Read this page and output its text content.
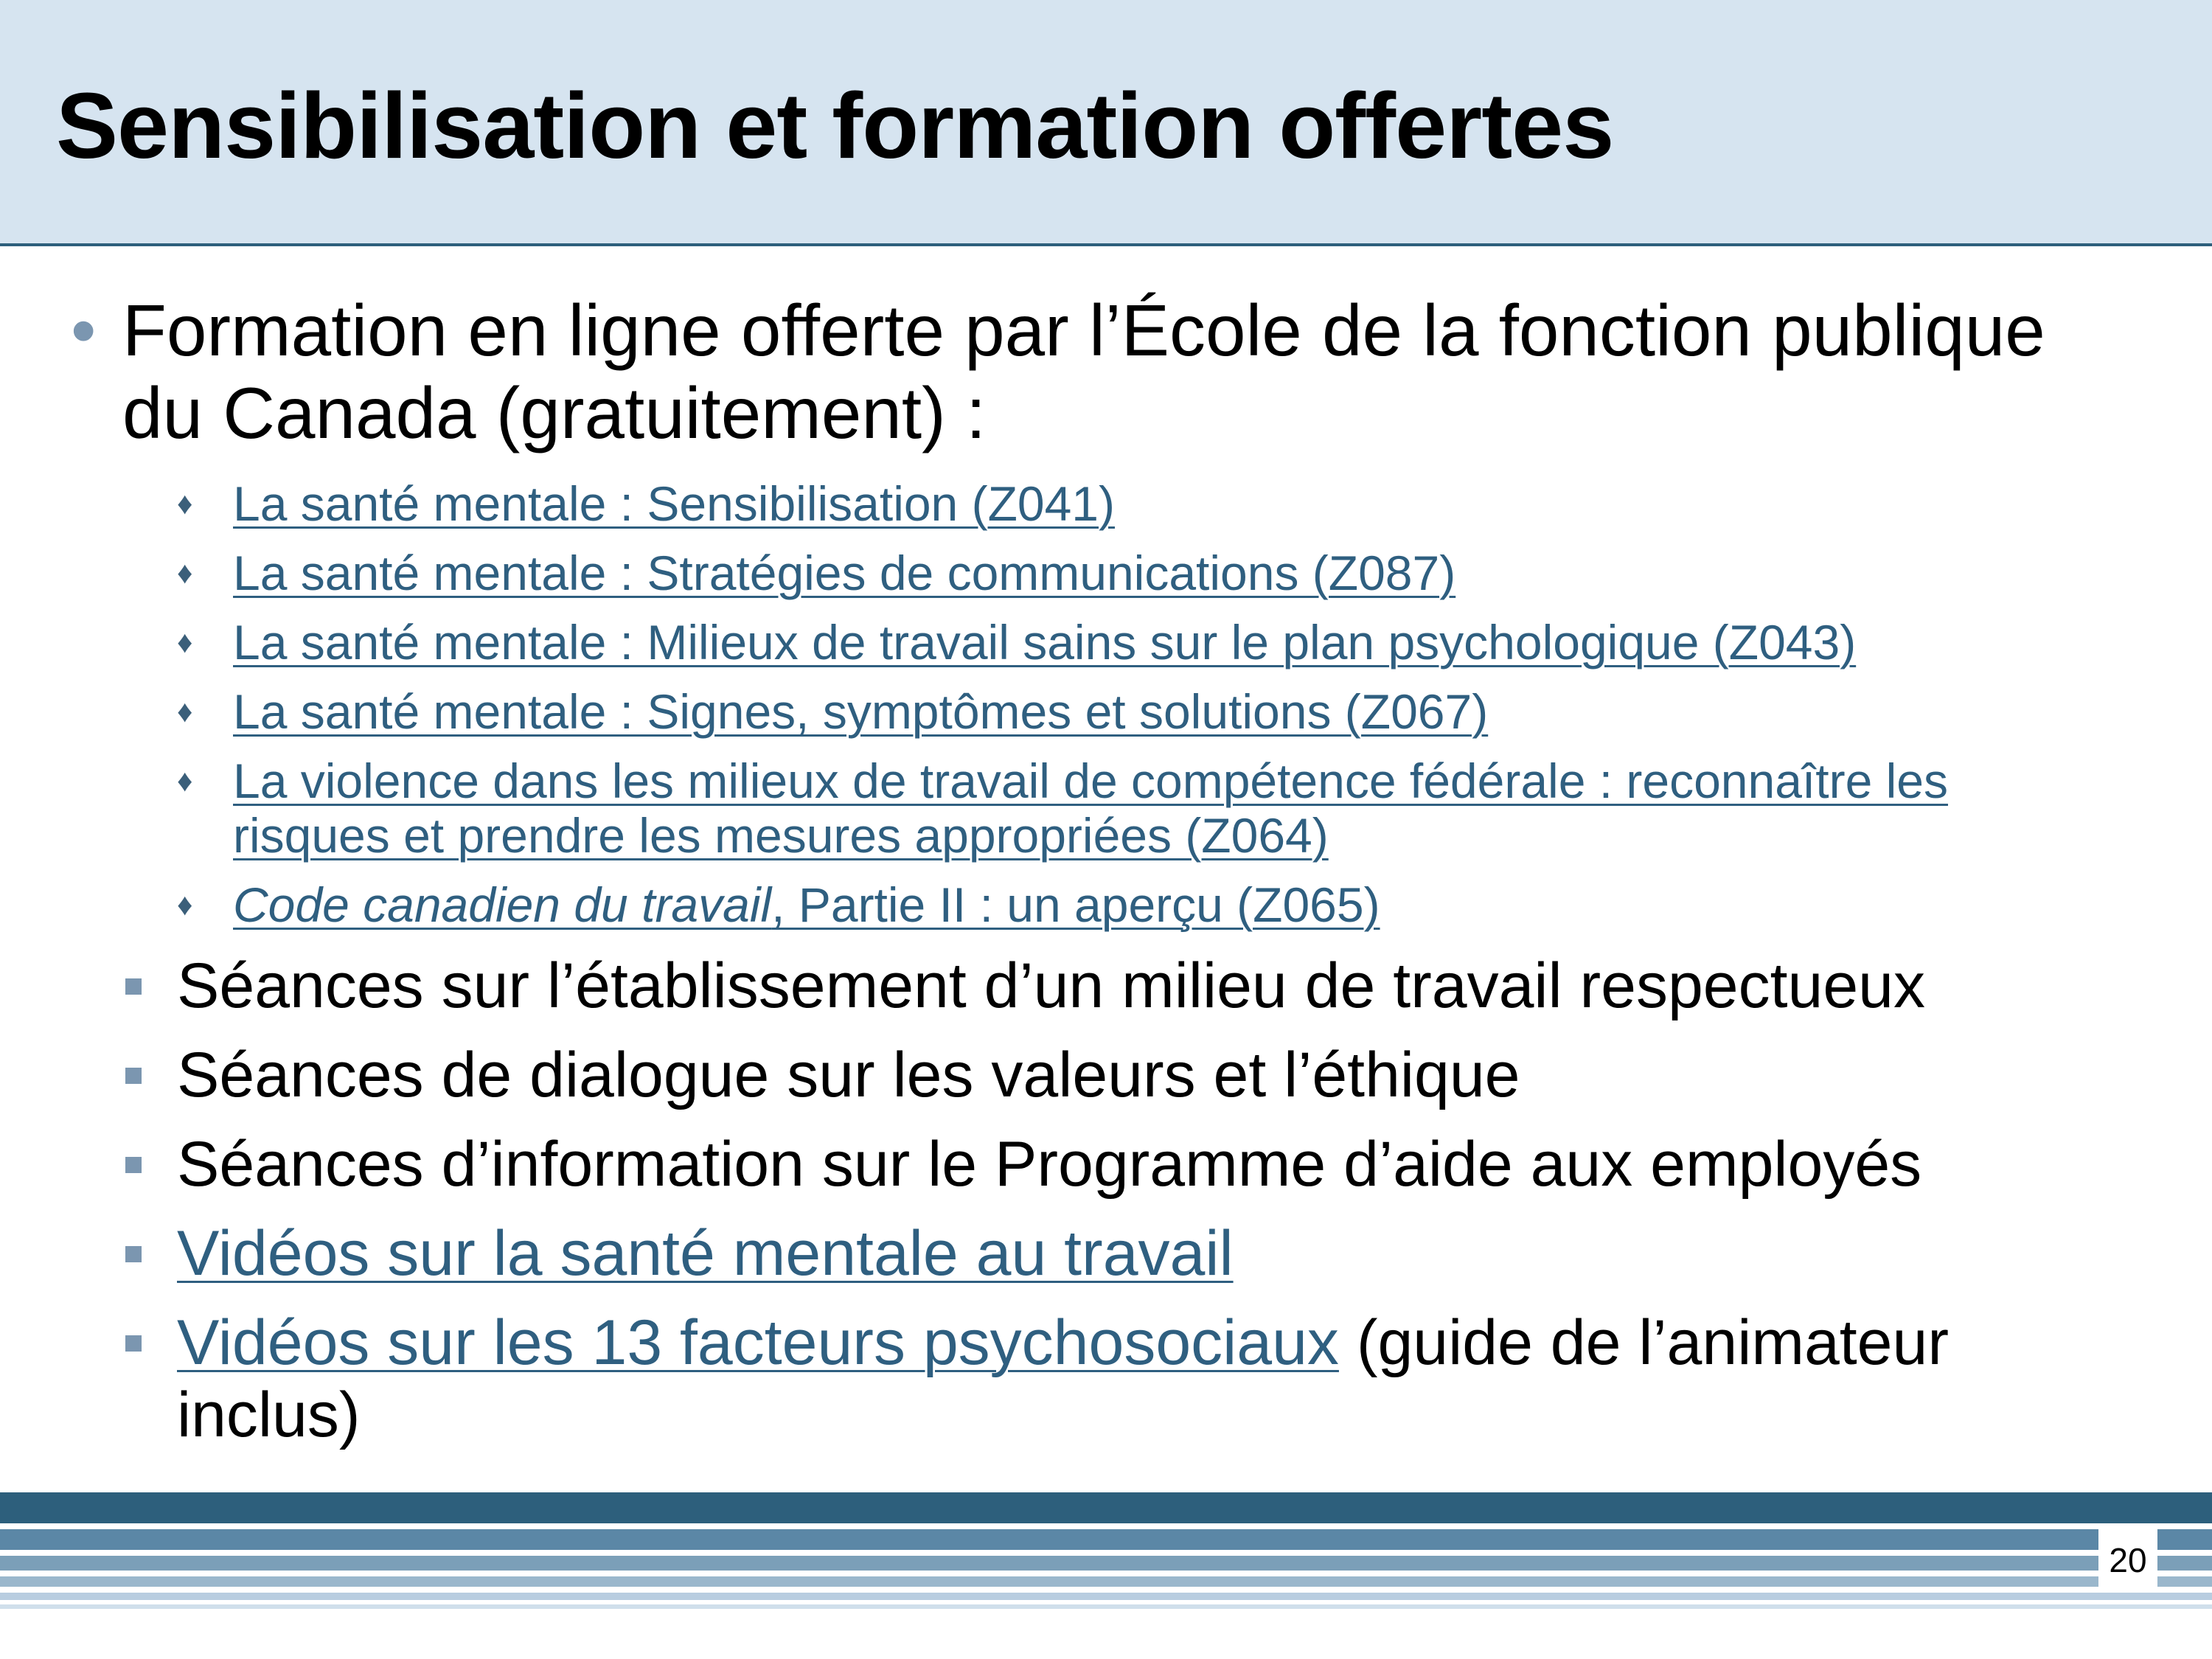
Sensibilisation et formation offertes
• Formation en ligne offerte par l’École de la fonction publique du Canada (gratuitement) :
♦ La santé mentale : Sensibilisation (Z041)
♦ La santé mentale : Stratégies de communications (Z087)
♦ La santé mentale : Milieux de travail sains sur le plan psychologique (Z043)
♦ La santé mentale : Signes, symptômes et solutions (Z067)
♦ La violence dans les milieux de travail de compétence fédérale : reconnaître les risques et prendre les mesures appropriées (Z064)
♦ Code canadien du travail, Partie II : un aperçu (Z065)
Séances sur l’établissement d’un milieu de travail respectueux
Séances de dialogue sur les valeurs et l’éthique
Séances d’information sur le Programme d’aide aux employés
Vidéos sur la santé mentale au travail
Vidéos sur les 13 facteurs psychosociaux (guide de l’animateur inclus)
20
